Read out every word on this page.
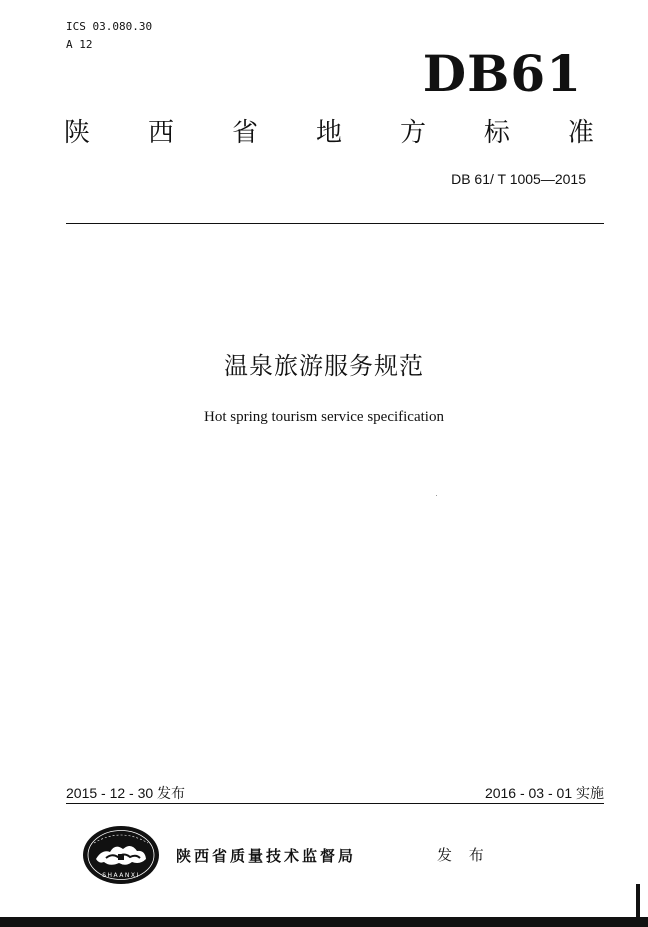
ICS 03.080.30
A 12	DB61
陕 西 省 地 方 标 准
DB 61/ T 1005—2015
温泉旅游服务规范
Hot spring tourism service specification
2015 - 12 - 30 发布	2016 - 03 - 01 实施
SHAANXI
陕西省质量技术监督局	发 布
